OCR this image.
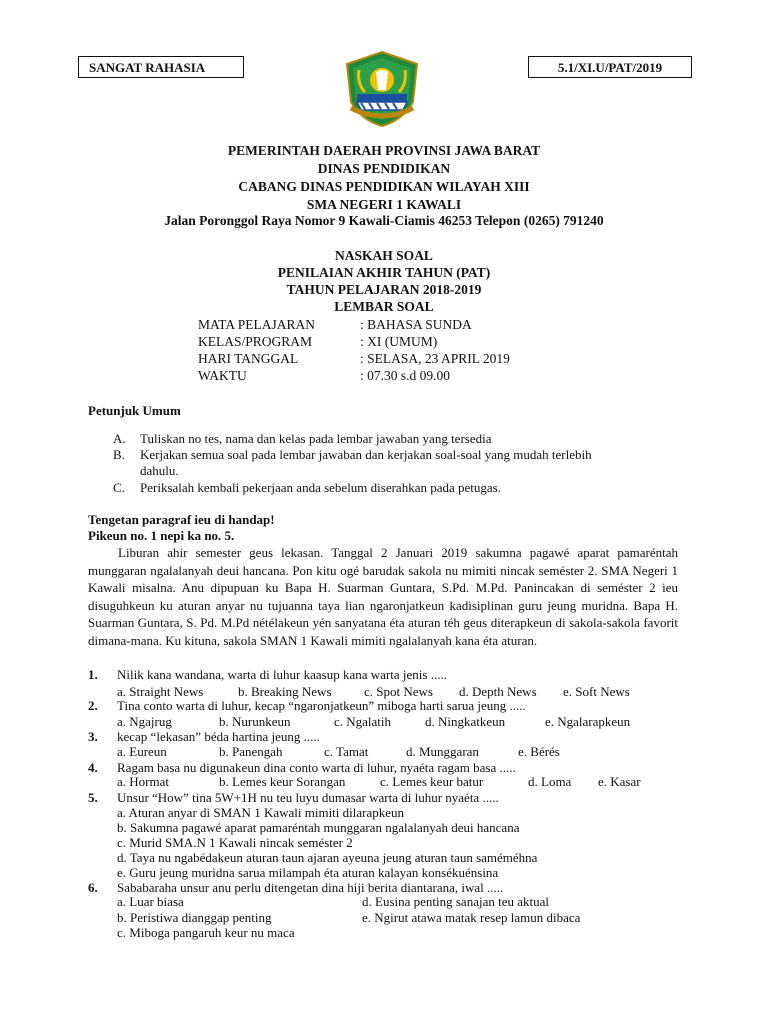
SANGAT RAHASIA	5.1/XI.U/PAT/2019
PEMERINTAH DAERAH PROVINSI JAWA BARAT
DINAS PENDIDIKAN
CABANG DINAS PENDIDIKAN WILAYAH XIII
SMA NEGERI 1 KAWALI
Jalan Poronggol Raya Nomor 9 Kawali-Ciamis 46253 Telepon (0265) 791240
NASKAH SOAL
PENILAIAN AKHIR TAHUN (PAT)
TAHUN PELAJARAN 2018-2019
LEMBAR SOAL
MATA PELAJARAN	: BAHASA SUNDA
KELAS/PROGRAM	: XI (UMUM)
HARI TANGGAL	: SELASA, 23 APRIL 2019
WAKTU	: 07.30 s.d 09.00
Petunjuk Umum
A. Tuliskan no tes, nama dan kelas pada lembar jawaban yang tersedia
B. Kerjakan semua soal pada lembar jawaban dan kerjakan soal-soal yang mudah terlebih
dahulu.
C. Periksalah kembali pekerjaan anda sebelum diserahkan pada petugas.
Tengetan paragraf ieu di handap!
Pikeun no. 1 nepi ka no. 5.
Liburan ahir semester geus lekasan. Tanggal 2 Januari 2019 sakumna pagawé aparat pamaréntah munggaran ngalalanyah deui hancana. Pon kitu ogé barudak sakola nu mimiti nincak seméster 2. SMA Negeri 1 Kawali misalna. Anu dipupuan ku Bapa H. Suarman Guntara, S.Pd. M.Pd. Panincakan di seméster 2 ieu disuguhkeun ku aturan anyar nu tujuanna taya lian ngaronjatkeun kadisiplinan guru jeung muridna. Bapa H. Suarman Guntara, S. Pd. M.Pd nétélakeun yén sanyatana éta aturan téh geus diterapkeun di sakola-sakola favorit dimana-mana. Ku kituna, sakola SMAN 1 Kawali mimiti ngalalanyah kana éta aturan.
1. Nilik kana wandana, warta di luhur kaasup kana warta jenis .....
a. Straight News	b. Breaking News c. Spot News d. Depth News e. Soft News
2. Tina conto warta di luhur, kecap “ngaronjatkeun” miboga harti sarua jeung .....
a. Ngajrug	b. Nurunkeun	c. Ngalatih	d. Ningkatkeun	e. Ngalarapkeun
3. kecap “lekasan” béda hartina jeung .....
a. Eureun	b. Panengah	c. Tamat	d. Munggaran	e. Bérés
4. Ragam basa nu digunakeun dina conto warta di luhur, nyaéta ragam basa .....
a. Hormat	b. Lemes keur Sorangan	c. Lemes keur batur	d. Loma e. Kasar
5. Unsur “How” tina 5W+1H nu teu luyu dumasar warta di luhur nyaéta .....
a. Aturan anyar di SMAN 1 Kawali mimiti dilarapkeun
b. Sakumna pagawé aparat pamaréntah munggaran ngalalanyah deui hancana
c. Murid SMA.N 1 Kawali nincak seméster 2
d. Taya nu ngabédakeun aturan taun ajaran ayeuna jeung aturan taun saméméhna
e. Guru jeung muridna sarua milampah éta aturan kalayan konsékuénsina
6. Sababaraha unsur anu perlu ditengetan dina hiji berita diantarana, iwal .....
a. Luar biasa
b. Peristiwa dianggap penting
c. Miboga pangaruh keur nu maca
d. Eusina penting sanajan teu aktual
e. Ngirut atawa matak resep lamun dibaca
